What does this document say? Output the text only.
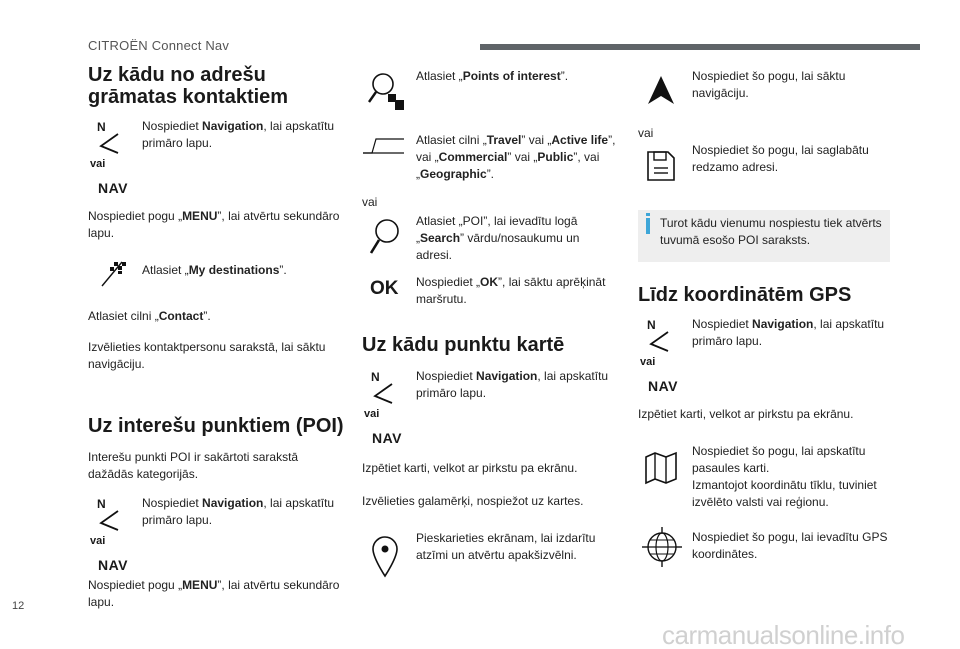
CITROËN Connect Nav
12
Uz kādu no adrešu grāmatas kontaktiem
N
vai
NAV
Nospiediet Navigation, lai apskatītu primāro lapu.
Nospiediet pogu „MENU”, lai atvērtu sekundāro lapu.
Atlasiet „My destinations”.
Atlasiet cilni „Contact”.
Izvēlieties kontaktpersonu sarakstā, lai sāktu navigāciju.
Uz interešu punktiem (POI)
Interešu punkti POI ir sakārtoti sarakstā dažādās kategorijās.
N
vai
NAV
Nospiediet Navigation, lai apskatītu primāro lapu.
Nospiediet pogu „MENU”, lai atvērtu sekundāro lapu.
Atlasiet „Points of interest”.
Atlasiet cilni „Travel” vai „Active life”, vai „Commercial” vai „Public”, vai „Geographic”.
vai
Atlasiet „POI”, lai ievadītu logā „Search” vārdu/nosaukumu un adresi.
OK	Nospiediet „OK”, lai sāktu aprēķināt maršrutu.
Uz kādu punktu kartē
N
vai
NAV
Nospiediet Navigation, lai apskatītu primāro lapu.
Izpētiet karti, velkot ar pirkstu pa ekrānu.
Izvēlieties galamērķi, nospiežot uz kartes.
Pieskarieties ekrānam, lai izdarītu atzīmi un atvērtu apakšizvēlni.
Nospiediet šo pogu, lai sāktu navigāciju.
vai
Nospiediet šo pogu, lai saglabātu redzamo adresi.
Turot kādu vienumu nospiestu tiek atvērts tuvumā esošo POI saraksts.
Līdz koordinātēm GPS
N
vai
NAV
Nospiediet Navigation, lai apskatītu primāro lapu.
Izpētiet karti, velkot ar pirkstu pa ekrānu.
Nospiediet šo pogu, lai apskatītu pasaules karti.
Izmantojot koordinātu tīklu, tuviniet izvēlēto valsti vai reģionu.
Nospiediet šo pogu, lai ievadītu GPS koordinātes.
carmanualsonline.info
